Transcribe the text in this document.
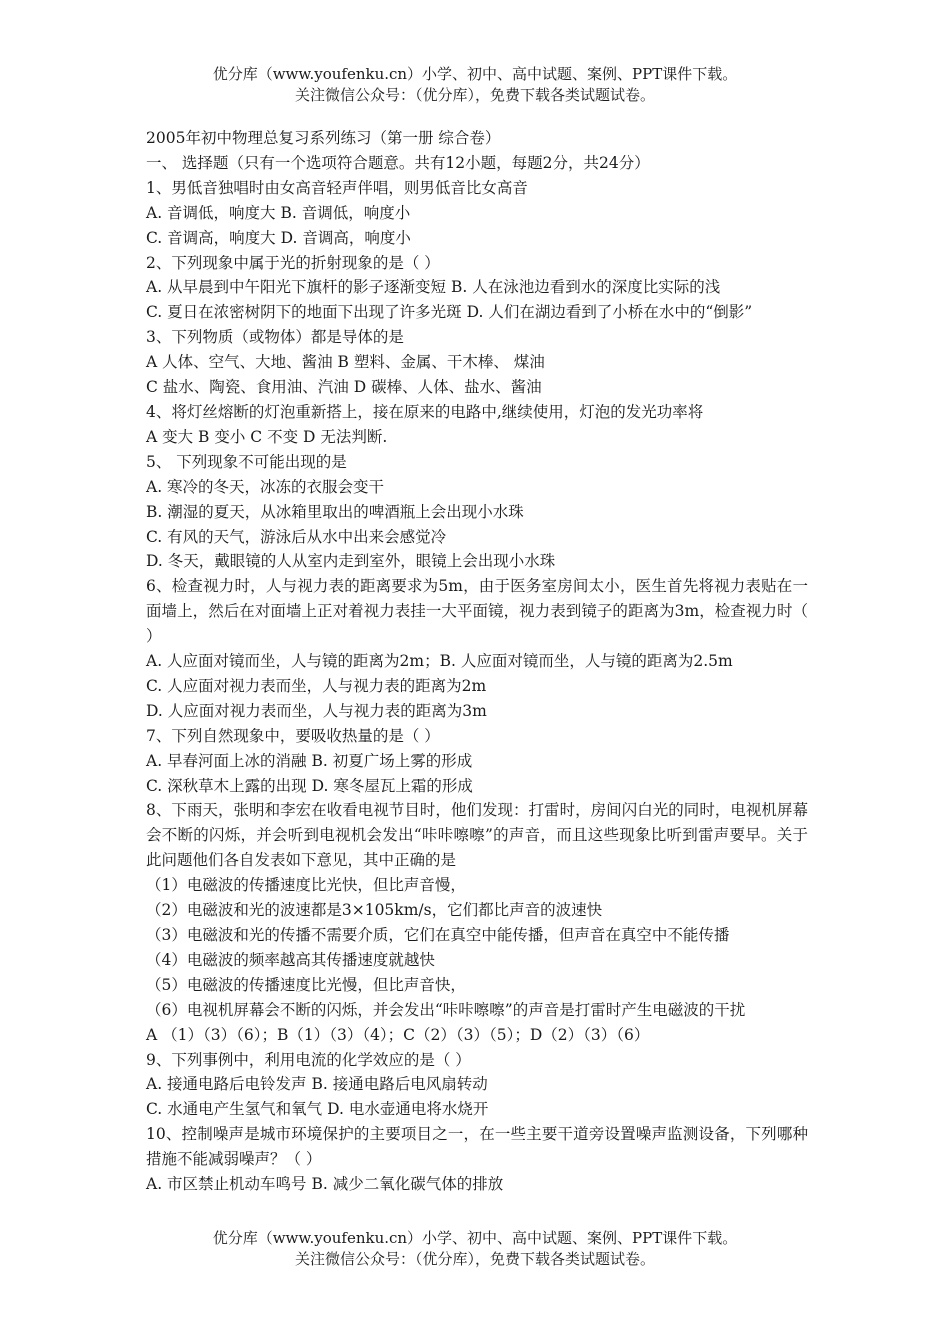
优分库（www.youfenku.cn）小学、初中、高中试题、案例、PPT课件下载。
关注微信公众号：（优分库），免费下载各类试题试卷。
2005年初中物理总复习系列练习（第一册 综合卷）
一、 选择题（只有一个选项符合题意。共有12小题，每题2分，共24分）
1、男低音独唱时由女高音轻声伴唱，则男低音比女高音
A. 音调低，响度大 B. 音调低，响度小
C. 音调高，响度大 D. 音调高，响度小
2、下列现象中属于光的折射现象的是（ ）
A. 从早晨到中午阳光下旗杆的影子逐渐变短 B. 人在泳池边看到水的深度比实际的浅
C. 夏日在浓密树阴下的地面下出现了许多光斑 D. 人们在湖边看到了小桥在水中的“倒影”
3、下列物质（或物体）都是导体的是
A 人体、空气、大地、酱油 B 塑料、金属、干木棒、 煤油
C 盐水、陶瓷、食用油、汽油 D 碳棒、人体、盐水、酱油
4、将灯丝熔断的灯泡重新搭上，接在原来的电路中,继续使用，灯泡的发光功率将
A 变大 B 变小 C 不变 D 无法判断.
5、 下列现象不可能出现的是
A. 寒冷的冬天，冰冻的衣服会变干
B. 潮湿的夏天，从冰箱里取出的啤酒瓶上会出现小水珠
C. 有风的天气，游泳后从水中出来会感觉冷
D. 冬天，戴眼镜的人从室内走到室外，眼镜上会出现小水珠
6、检查视力时，人与视力表的距离要求为5m，由于医务室房间太小，医生首先将视力表贴在一面墙上，然后在对面墙上正对着视力表挂一大平面镜，视力表到镜子的距离为3m，检查视力时（ ）
A. 人应面对镜而坐，人与镜的距离为2m；B. 人应面对镜而坐，人与镜的距离为2.5m
C. 人应面对视力表而坐，人与视力表的距离为2m
D. 人应面对视力表而坐，人与视力表的距离为3m
7、下列自然现象中，要吸收热量的是（ ）
A. 早春河面上冰的消融 B. 初夏广场上雾的形成
C. 深秋草木上露的出现 D. 寒冬屋瓦上霜的形成
8、下雨天，张明和李宏在收看电视节目时，他们发现：打雷时，房间闪白光的同时，电视机屏幕会不断的闪烁，并会听到电视机会发出“咔咔嚓嚓”的声音，而且这些现象比听到雷声要早。关于此问题他们各自发表如下意见，其中正确的是
（1）电磁波的传播速度比光快，但比声音慢，
（2）电磁波和光的波速都是3×105km/s，它们都比声音的波速快
（3）电磁波和光的传播不需要介质，它们在真空中能传播，但声音在真空中不能传播
（4）电磁波的频率越高其传播速度就越快
（5）电磁波的传播速度比光慢，但比声音快，
（6）电视机屏幕会不断的闪烁，并会发出“咔咔嚓嚓”的声音是打雷时产生电磁波的干扰
A （1）（3）（6）；B（1）（3）（4）；C（2）（3）（5）；D（2）（3）（6）
9、下列事例中，利用电流的化学效应的是（ ）
A. 接通电路后电铃发声 B. 接通电路后电风扇转动
C. 水通电产生氢气和氧气 D. 电水壶通电将水烧开
10、控制噪声是城市环境保护的主要项目之一，在一些主要干道旁设置噪声监测设备，下列哪种措施不能减弱噪声？（ ）
A. 市区禁止机动车鸣号 B. 减少二氧化碳气体的排放
优分库（www.youfenku.cn）小学、初中、高中试题、案例、PPT课件下载。
关注微信公众号：（优分库），免费下载各类试题试卷。
